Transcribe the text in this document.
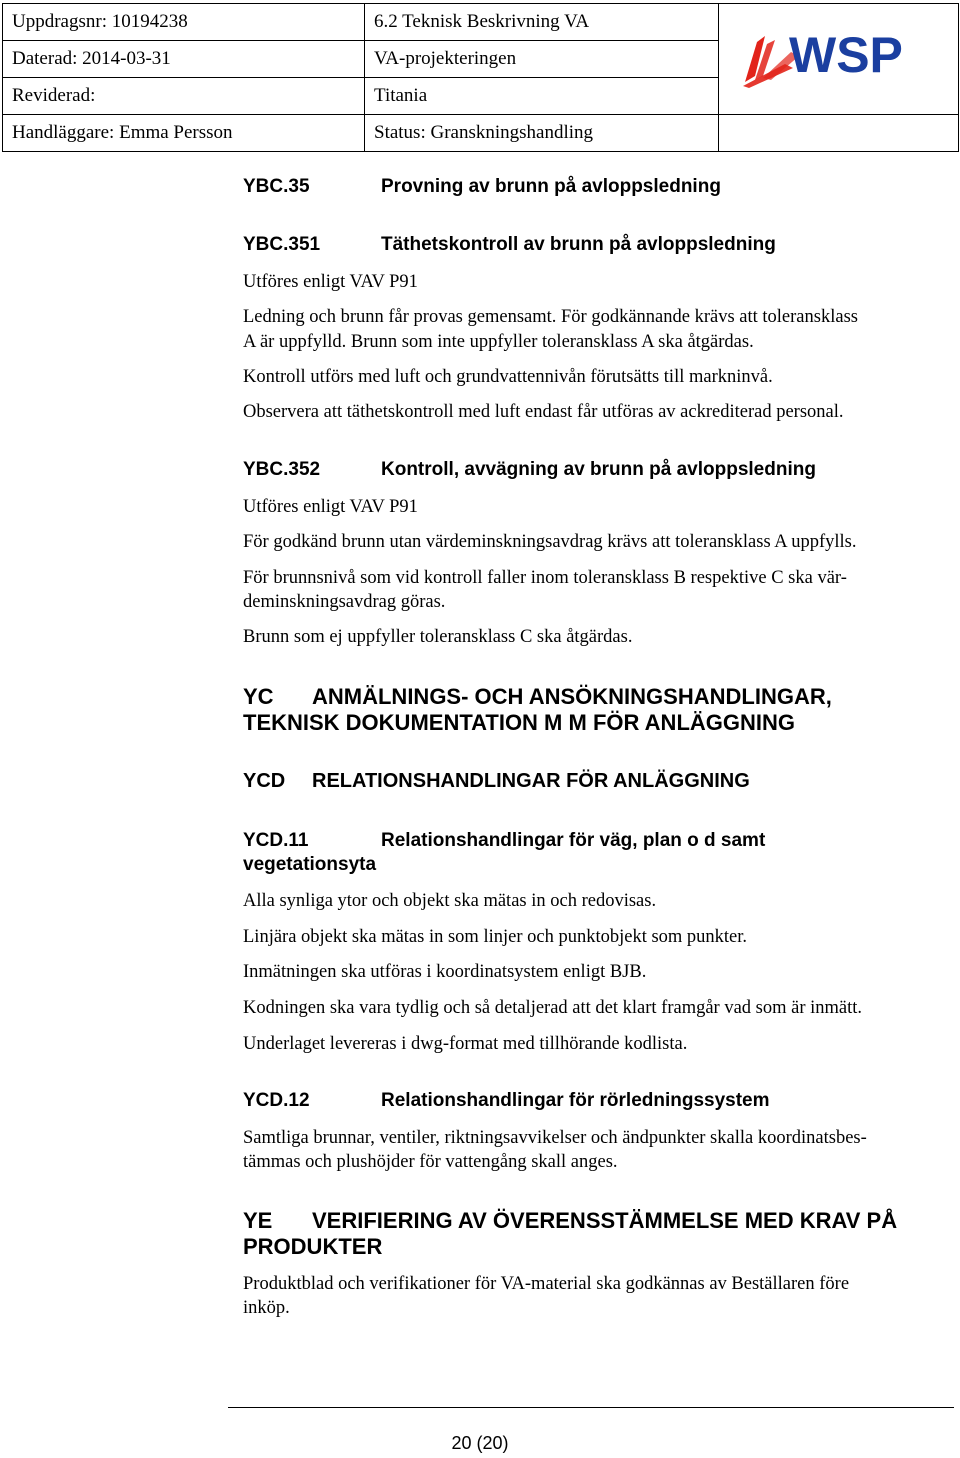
Uppdragsnr: 10194238	6.2 Teknisk Beskrivning VA	WSP

Daterad: 2014-03-31	VA-projekteringen	
Reviderad:	Titania	
Handläggare: Emma Persson	Status: Granskningshandling	
YBC.35	Provning av brunn på avloppsledning
YBC.351	Täthetskontroll av brunn på avloppsledning
Utföres enligt VAV P91
Ledning och brunn får provas gemensamt. För godkännande krävs att toleransklass
A är uppfylld. Brunn som inte uppfyller toleransklass A ska åtgärdas.
Kontroll utförs med luft och grundvattennivån förutsätts till markninvå.
Observera att täthetskontroll med luft endast får utföras av ackrediterad personal.
YBC.352	Kontroll, avvägning av brunn på avloppsledning
Utföres enligt VAV P91
För godkänd brunn utan värdeminskningsavdrag krävs att toleransklass A uppfylls.
För brunnsnivå som vid kontroll faller inom toleransklass B respektive C ska vär-
deminskningsavdrag göras.
Brunn som ej uppfyller toleransklass C ska åtgärdas.
YC ANMÄLNINGS- OCH ANSÖKNINGSHANDLINGAR,
TEKNISK DOKUMENTATION M M FÖR ANLÄGGNING
YCD RELATIONSHANDLINGAR FÖR ANLÄGGNING
YCD.11	Relationshandlingar för väg, plan o d samt
vegetationsyta
Alla synliga ytor och objekt ska mätas in och redovisas.
Linjära objekt ska mätas in som linjer och punktobjekt som punkter.
Inmätningen ska utföras i koordinatsystem enligt BJB.
Kodningen ska vara tydlig och så detaljerad att det klart framgår vad som är inmätt.
Underlaget levereras i dwg-format med tillhörande kodlista.
YCD.12	Relationshandlingar för rörledningssystem
Samtliga brunnar, ventiler, riktningsavvikelser och ändpunkter skalla koordinatsbes-
tämmas och plushöjder för vattengång skall anges.
YE VERIFIERING AV ÖVERENSSTÄMMELSE MED KRAV PÅ
PRODUKTER
Produktblad och verifikationer för VA-material ska godkännas av Beställaren före
inköp.
20 (20)
